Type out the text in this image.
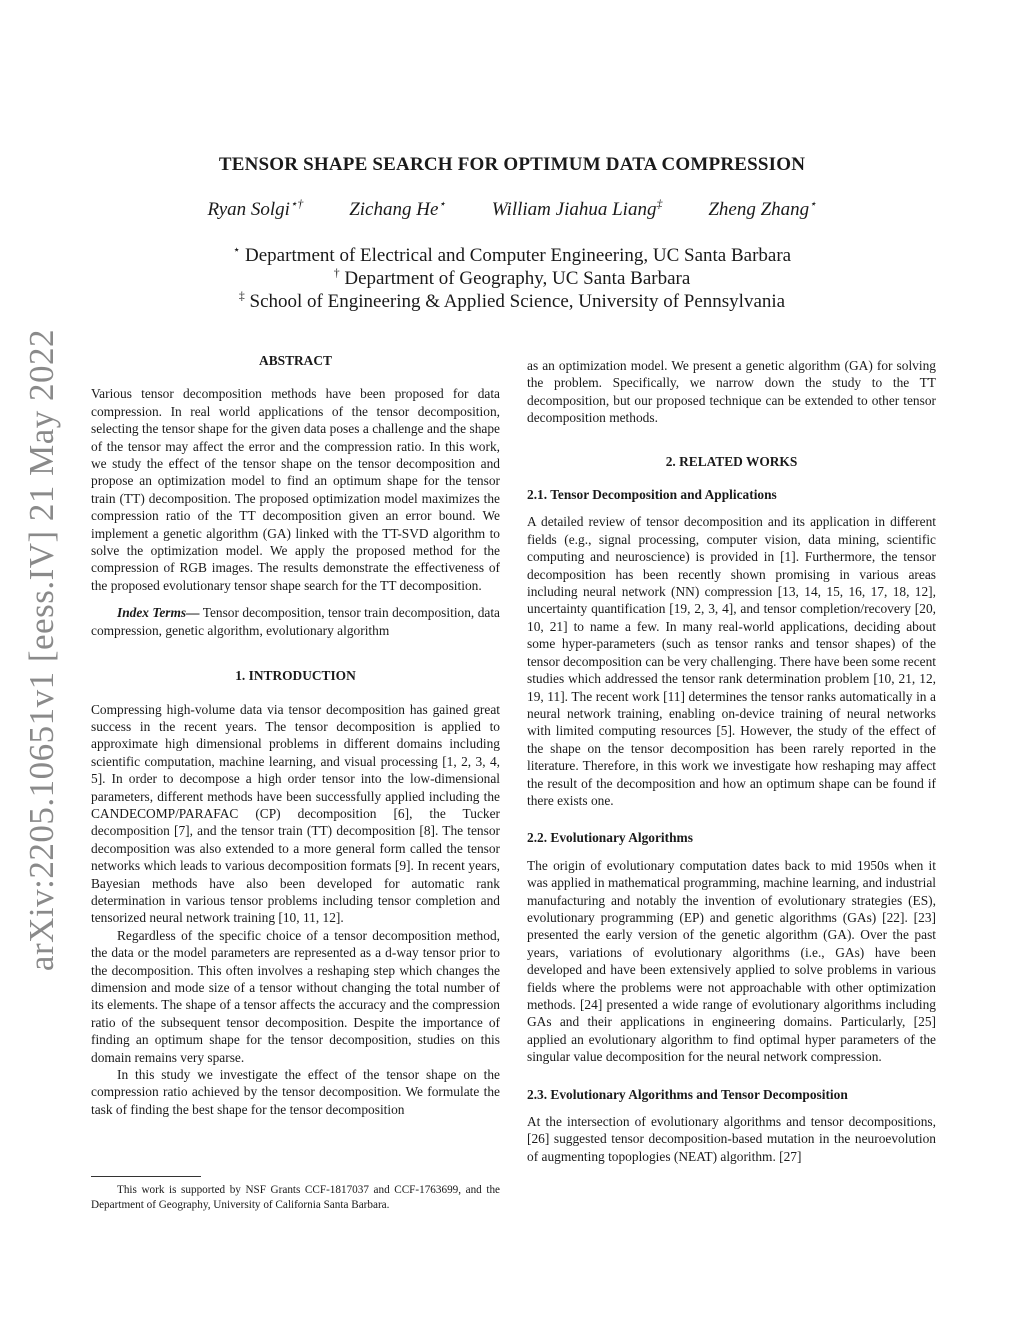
TENSOR SHAPE SEARCH FOR OPTIMUM DATA COMPRESSION
Ryan Solgi⋆† Zichang He⋆ William Jiahua Liang‡ Zheng Zhang⋆
⋆ Department of Electrical and Computer Engineering, UC Santa Barbara
† Department of Geography, UC Santa Barbara
‡ School of Engineering & Applied Science, University of Pennsylvania
arXiv:2205.10651v1 [eess.IV] 21 May 2022	ABSTRACT

Various tensor decomposition methods have been proposed for data compression. In real world applications of the tensor decomposition, selecting the tensor shape for the given data poses a challenge and the shape of the tensor may affect the error and the compression ratio. In this work, we study the effect of the tensor shape on the tensor decomposition and propose an optimization model to find an optimum shape for the tensor train (TT) decomposition. The proposed optimization model maximizes the compression ratio of the TT decomposition given an error bound. We implement a genetic algorithm (GA) linked with the TT-SVD algorithm to solve the optimization model. We apply the proposed method for the compression of RGB images. The results demonstrate the effectiveness of the proposed evolutionary tensor shape search for the TT decomposition.

Index Terms— Tensor decomposition, tensor train decomposition, data compression, genetic algorithm, evolutionary algorithm

1. INTRODUCTION

Compressing high-volume data via tensor decomposition has gained great success in the recent years. The tensor decomposition is applied to approximate high dimensional problems in different domains including scientific computation, machine learning, and visual processing [1, 2, 3, 4, 5]. In order to decompose a high order tensor into the low-dimensional parameters, different methods have been successfully applied including the CANDECOMP/PARAFAC (CP) decomposition [6], the Tucker decomposition [7], and the tensor train (TT) decomposition [8]. The tensor decomposition was also extended to a more general form called the tensor networks which leads to various decomposition formats [9]. In recent years, Bayesian methods have also been developed for automatic rank determination in various tensor problems including tensor completion and tensorized neural network training [10, 11, 12].

Regardless of the specific choice of a tensor decomposition method, the data or the model parameters are represented as a d-way tensor prior to the decomposition. This often involves a reshaping step which changes the dimension and mode size of a tensor without changing the total number of its elements. The shape of a tensor affects the accuracy and the compression ratio of the subsequent tensor decomposition. Despite the importance of finding an optimum shape for the tensor decomposition, studies on this domain remains very sparse.

In this study we investigate the effect of the tensor shape on the compression ratio achieved by the tensor decomposition. We formulate the task of finding the best shape for the tensor decomposition

This work is supported by NSF Grants CCF-1817037 and CCF-1763699, and the Department of Geography, University of California Santa Barbara.

as an optimization model. We present a genetic algorithm (GA) for solving the problem. Specifically, we narrow down the study to the TT decomposition, but our proposed technique can be extended to other tensor decomposition methods.

2. RELATED WORKS
2.1. Tensor Decomposition and Applications

A detailed review of tensor decomposition and its application in different fields (e.g., signal processing, computer vision, data mining, scientific computing and neuroscience) is provided in [1]. Furthermore, the tensor decomposition has been recently shown promising in various areas including neural network (NN) compression [13, 14, 15, 16, 17, 18, 12], uncertainty quantification [19, 2, 3, 4], and tensor completion/recovery [20, 10, 21] to name a few. In many real-world applications, deciding about some hyper-parameters (such as tensor ranks and tensor shapes) of the tensor decomposition can be very challenging. There have been some recent studies which addressed the tensor rank determination problem [10, 21, 12, 19, 11]. The recent work [11] determines the tensor ranks automatically in a neural network training, enabling on-device training of neural networks with limited computing resources [5]. However, the study of the effect of the shape on the tensor decomposition has been rarely reported in the literature. Therefore, in this work we investigate how reshaping may affect the result of the decomposition and how an optimum shape can be found if there exists one.

2.2. Evolutionary Algorithms

The origin of evolutionary computation dates back to mid 1950s when it was applied in mathematical programming, machine learning, and industrial manufacturing and notably the invention of evolutionary strategies (ES), evolutionary programming (EP) and genetic algorithms (GAs) [22]. [23] presented the early version of the genetic algorithm (GA). Over the past years, variations of evolutionary algorithms (i.e., GAs) have been developed and have been extensively applied to solve problems in various fields where the problems were not approachable with other optimization methods. [24] presented a wide range of evolutionary algorithms including GAs and their applications in engineering domains. Particularly, [25] applied an evolutionary algorithm to find optimal hyper parameters of the singular value decomposition for the neural network compression.

2.3. Evolutionary Algorithms and Tensor Decomposition

At the intersection of evolutionary algorithms and tensor decompositions, [26] suggested tensor decomposition-based mutation in the neuroevolution of augmenting topoplogies (NEAT) algorithm. [27]
